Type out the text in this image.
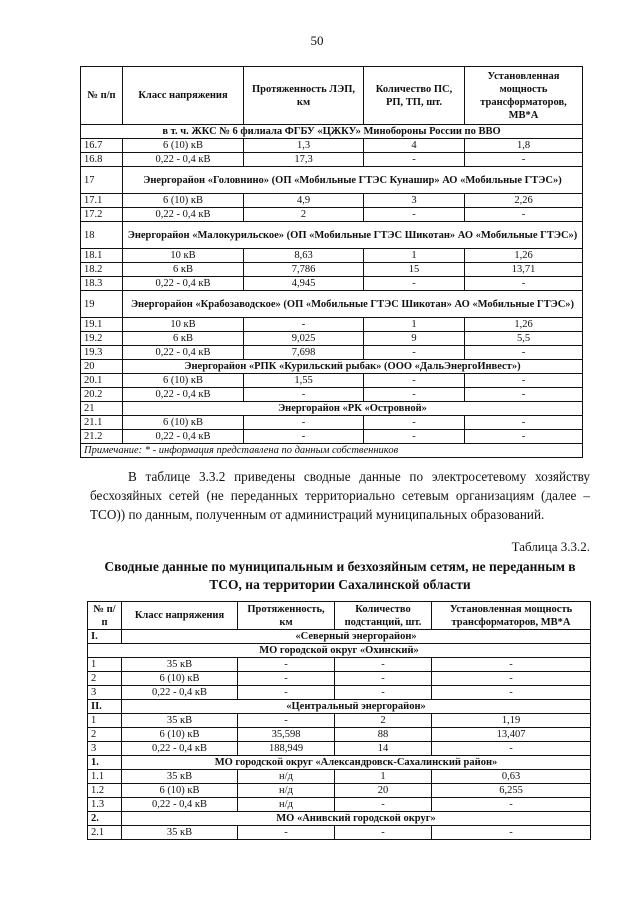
50
№ п/п	Класс напряжения	Протяженность ЛЭП, км	Количество ПС, РП, ТП, шт.	Установленная мощность трансформаторов, МВ*А
в т. ч. ЖКС № 6 филиала ФГБУ «ЦЖКУ» Минобороны России по ВВО				
16.7	6 (10) кВ	1,3	4	1,8
16.8	0,22 - 0,4 кВ	17,3	-	-
17	Энергорайон «Головнино» (ОП «Мобильные ГТЭС Кунашир» АО «Мобильные ГТЭС»)			
17.1	6 (10) кВ	4,9	3	2,26
17.2	0,22 - 0,4 кВ	2	-	-
18	Энергорайон «Малокурильское» (ОП «Мобильные ГТЭС Шикотан» АО «Мобильные ГТЭС»)			
18.1	10 кВ	8,63	1	1,26
18.2	6 кВ	7,786	15	13,71
18.3	0,22 - 0,4 кВ	4,945	-	-
19	Энергорайон «Крабозаводское» (ОП «Мобильные ГТЭС Шикотан» АО «Мобильные ГТЭС»)			
19.1	10 кВ	-	1	1,26
19.2	6 кВ	9,025	9	5,5
19.3	0,22 - 0,4 кВ	7,698	-	-
20	Энергорайон «РПК «Курильский рыбак» (ООО «ДальЭнергоИнвест»)			
20.1	6 (10) кВ	1,55	-	-
20.2	0,22 - 0,4 кВ	-	-	-
21	Энергорайон «РК «Островной»			
21.1	6 (10) кВ	-	-	-
21.2	0,22 - 0,4 кВ	-	-	-
Примечание: * - информация представлена по данным собственников				

В таблице 3.3.2 приведены сводные данные по электросетевому хозяйству бесхозяйных сетей (не переданных территориально сетевым организациям (далее – ТСО)) по данным, полученным от администраций муниципальных образований.

Таблица 3.3.2.
Сводные данные по муниципальным и безхозяйным сетям, не переданным в ТСО, на территории Сахалинской области
№ п/п	Класс напряжения	Протяженность, км	Количество подстанций, шт.	Установленная мощность трансформаторов, МВ*А
I.	«Северный энергорайон»			
МО городской округ «Охинский»				
1	35 кВ	-	-	-
2	6 (10) кВ	-	-	-
3	0,22 - 0,4 кВ	-	-	-
II.	«Центральный энергорайон»			
1	35 кВ	-	2	1,19
2	6 (10) кВ	35,598	88	13,407
3	0,22 - 0,4 кВ	188,949	14	-
1.	МО городской округ «Александровск-Сахалинский район»			
1.1	35 кВ	н/д	1	0,63
1.2	6 (10) кВ	н/д	20	6,255
1.3	0,22 - 0,4 кВ	н/д	-	-
2.	МО «Анивский городской округ»			
2.1	35 кВ	-	-	-
